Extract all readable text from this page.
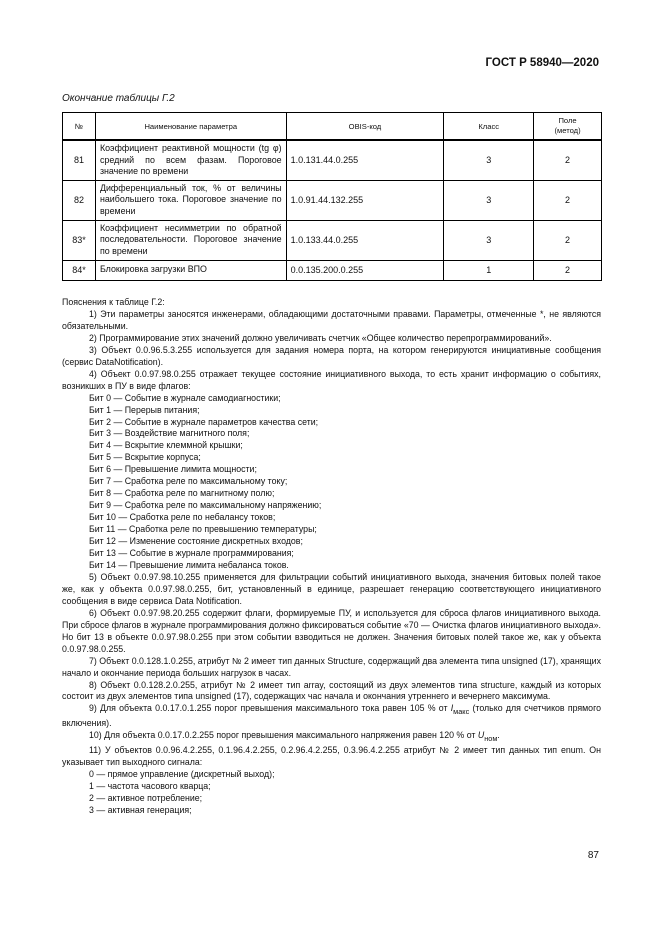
ГОСТ Р 58940—2020
Окончание таблицы Г.2
№	Наименование параметра	OBIS-код	Класс	Поле
(метод)
81	Коэффициент реактивной мощности (tg φ) средний по всем фазам. Пороговое значение по времени	1.0.131.44.0.255	3	2
82	Дифференциальный ток, % от величины наибольшего тока. Пороговое значение по времени	1.0.91.44.132.255	3	2
83*	Коэффициент несимметрии по обратной последовательности. Пороговое значение по времени	1.0.133.44.0.255	3	2
84*	Блокировка загрузки ВПО	0.0.135.200.0.255	1	2

Пояснения к таблице Г.2:

1) Эти параметры заносятся инженерами, обладающими достаточными правами. Параметры, отмеченные *, не являются обязательными.

2) Программирование этих значений должно увеличивать счетчик «Общее количество перепрограммирований».

3) Объект 0.0.96.5.3.255 используется для задания номера порта, на котором генерируются инициативные сообщения (сервис DataNotification).

4) Объект 0.0.97.98.0.255 отражает текущее состояние инициативного выхода, то есть хранит информацию о событиях, возникших в ПУ в виде флагов:

Бит 0 — Событие в журнале самодиагностики;

Бит 1 — Перерыв питания;

Бит 2 — Событие в журнале параметров качества сети;

Бит 3 — Воздействие магнитного поля;

Бит 4 — Вскрытие клеммной крышки;

Бит 5 — Вскрытие корпуса;

Бит 6 — Превышение лимита мощности;

Бит 7 — Сработка реле по максимальному току;

Бит 8 — Сработка реле по магнитному полю;

Бит 9 — Сработка реле по максимальному напряжению;

Бит 10 — Сработка реле по небалансу токов;

Бит 11 — Сработка реле по превышению температуры;

Бит 12 — Изменение состояние дискретных входов;

Бит 13 — Событие в журнале программирования;

Бит 14 — Превышение лимита небаланса токов.

5) Объект 0.0.97.98.10.255 применяется для фильтрации событий инициативного выхода, значения битовых полей такое же, как у объекта 0.0.97.98.0.255, бит, установленный в единице, разрешает генерацию соответствующего инициативного сообщения в виде сервиса Data Notification.

6) Объект 0.0.97.98.20.255 содержит флаги, формируемые ПУ, и используется для сброса флагов инициативного выхода. При сбросе флагов в журнале программирования должно фиксироваться событие «70 — Очистка флагов инициативного выхода». Но бит 13 в объекте 0.0.97.98.0.255 при этом событии взводиться не должен. Значения битовых полей такое же, как у объекта 0.0.97.98.0.255.

7) Объект 0.0.128.1.0.255, атрибут № 2 имеет тип данных Structure, содержащий два элемента типа unsigned (17), хранящих начало и окончание периода больших нагрузок в часах.

8) Объект 0.0.128.2.0.255, атрибут № 2 имеет тип array, состоящий из двух элементов типа structure, каждый из которых состоит из двух элементов типа unsigned (17), содержащих час начала и окончания утреннего и вечернего максимума.

9) Для объекта 0.0.17.0.1.255 порог превышения максимального тока равен 105 % от $I_{макс}$ (только для счетчиков прямого включения).

10) Для объекта 0.0.17.0.2.255 порог превышения максимального напряжения равен 120 % от $U_{ном}$.

11) У объектов 0.0.96.4.2.255, 0.1.96.4.2.255, 0.2.96.4.2.255, 0.3.96.4.2.255 атрибут № 2 имеет тип данных тип enum. Он указывает тип выходного сигнала:

0 — прямое управление (дискретный выход);

1 — частота часового кварца;

2 — активное потребление;

3 — активная генерация;

87
